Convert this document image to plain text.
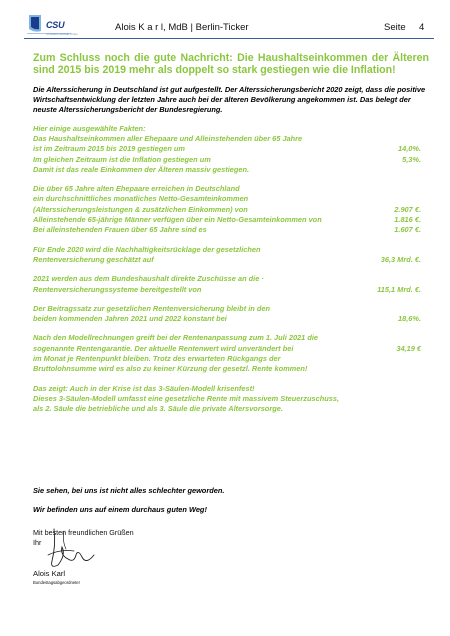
CSU
Christlich-Soziale Union
Alois K a r l, MdB | Berlin-Ticker	Seite 4
Zum Schluss noch die gute Nachricht: Die Haushaltseinkommen der Älteren sind 2015 bis 2019 mehr als doppelt so stark gestiegen wie die Inflation!
Die Alterssicherung in Deutschland ist gut aufgestellt. Der Alterssicherungsbericht 2020 zeigt, dass die positive Wirtschaftsentwicklung der letzten Jahre auch bei der älteren Bevölkerung angekommen ist. Das belegt der neuste Alterssicherungsbericht der Bundesregierung.
Hier einige ausgewählte Fakten:
Das Haushaltseinkommen aller Ehepaare und Alleinstehenden über 65 Jahre
ist im Zeitraum 2015 bis 2019 gestiegen um	14,0%.
Im gleichen Zeitraum ist die Inflation gestiegen um	5,3%.
Damit ist das reale Einkommen der Älteren massiv gestiegen.
Die über 65 Jahre alten Ehepaare erreichen in Deutschland
ein durchschnittliches monatliches Netto-Gesamteinkommen
(Alterssicherungsleistungen & zusätzlichen Einkommen) von	2.907 €.
Alleinstehende 65-jährige Männer verfügen über ein Netto-Gesamteinkommen von	1.816 €.
Bei alleinstehenden Frauen über 65 Jahre sind es	1.607 €.
Für Ende 2020 wird die Nachhaltigkeitsrücklage der gesetzlichen
Rentenversicherung geschätzt auf	36,3 Mrd. €.
2021 werden aus dem Bundeshaushalt direkte Zuschüsse an die ·
Rentenversicherungssysteme bereitgestellt von	115,1 Mrd. €.
Der Beitragssatz zur gesetzlichen Rentenversicherung bleibt in den
beiden kommenden Jahren 2021 und 2022 konstant bei	18,6%.
Nach den Modellrechnungen greift bei der Rentenanpassung zum 1. Juli 2021 die
sogenannte Rentengarantie. Der aktuelle Rentenwert wird unverändert bei	34,19 €
im Monat je Rentenpunkt bleiben. Trotz des erwarteten Rückgangs der
Bruttolohnsumme wird es also zu keiner Kürzung der gesetzl. Rente kommen!
Das zeigt: Auch in der Krise ist das 3-Säulen-Modell krisenfest!
Dieses 3-Säulen-Modell umfasst eine gesetzliche Rente mit massivem Steuerzuschuss,
als 2. Säule die betriebliche und als 3. Säule die private Altersvorsorge.
Sie sehen, bei uns ist nicht alles schlechter geworden.
Wir befinden uns auf einem durchaus guten Weg!
Mit besten freundlichen Grüßen
Ihr
Alois Karl
Bundestagsabgeordneter
